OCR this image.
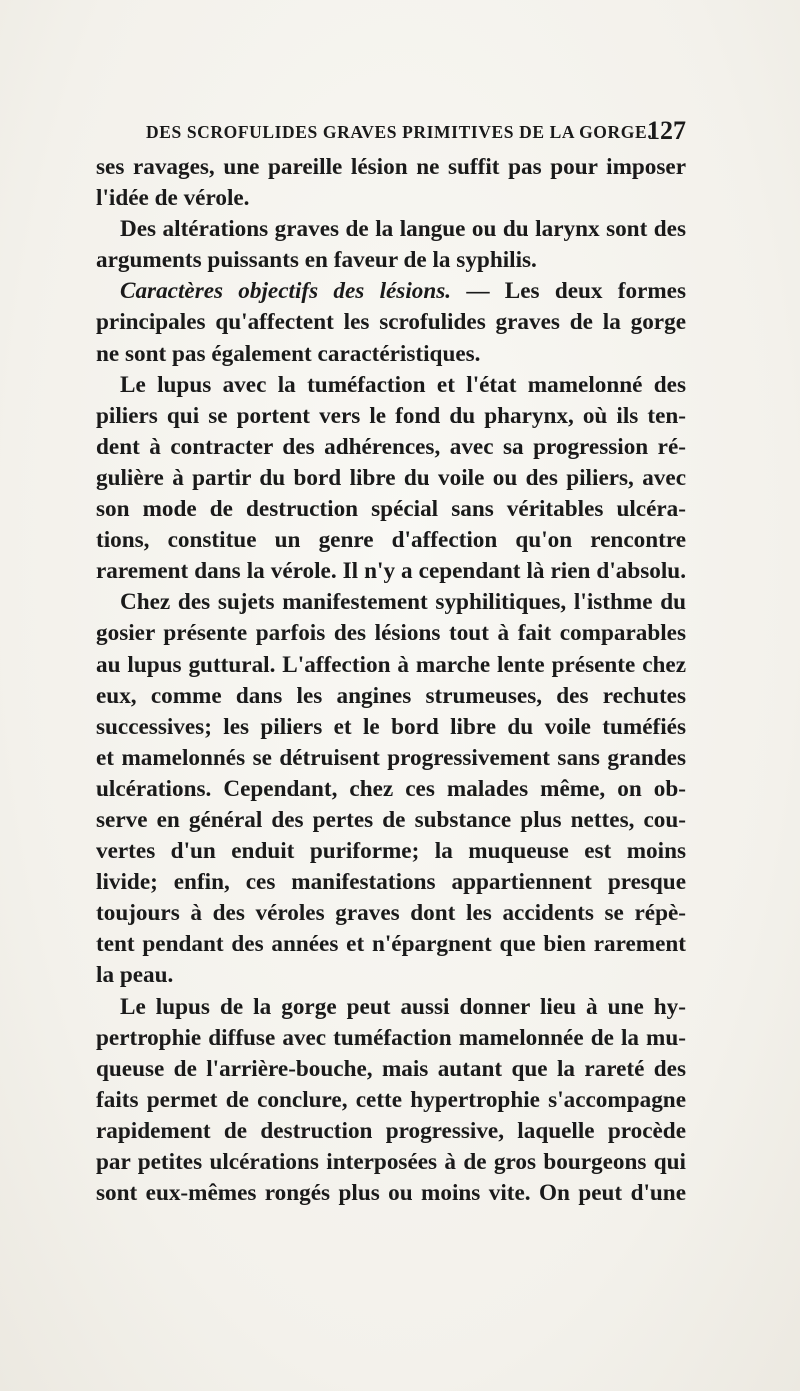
DES SCROFULIDES GRAVES PRIMITIVES DE LA GORGE.
127
ses ravages, une pareille lésion ne suffit pas pour imposer
l'idée de vérole.
Des altérations graves de la langue ou du larynx sont des
arguments puissants en faveur de la syphilis.
Caractères objectifs des lésions. — Les deux formes
principales qu'affectent les scrofulides graves de la gorge
ne sont pas également caractéristiques.
Le lupus avec la tuméfaction et l'état mamelonné des
piliers qui se portent vers le fond du pharynx, où ils ten-
dent à contracter des adhérences, avec sa progression ré-
gulière à partir du bord libre du voile ou des piliers, avec
son mode de destruction spécial sans véritables ulcéra-
tions, constitue un genre d'affection qu'on rencontre
rarement dans la vérole. Il n'y a cependant là rien d'absolu.
Chez des sujets manifestement syphilitiques, l'isthme du
gosier présente parfois des lésions tout à fait comparables
au lupus guttural. L'affection à marche lente présente chez
eux, comme dans les angines strumeuses, des rechutes
successives; les piliers et le bord libre du voile tuméfiés
et mamelonnés se détruisent progressivement sans grandes
ulcérations. Cependant, chez ces malades même, on ob-
serve en général des pertes de substance plus nettes, cou-
vertes d'un enduit puriforme; la muqueuse est moins
livide; enfin, ces manifestations appartiennent presque
toujours à des véroles graves dont les accidents se répè-
tent pendant des années et n'épargnent que bien rarement
la peau.
Le lupus de la gorge peut aussi donner lieu à une hy-
pertrophie diffuse avec tuméfaction mamelonnée de la mu-
queuse de l'arrière-bouche, mais autant que la rareté des
faits permet de conclure, cette hypertrophie s'accompagne
rapidement de destruction progressive, laquelle procède
par petites ulcérations interposées à de gros bourgeons qui
sont eux-mêmes rongés plus ou moins vite. On peut d'une
